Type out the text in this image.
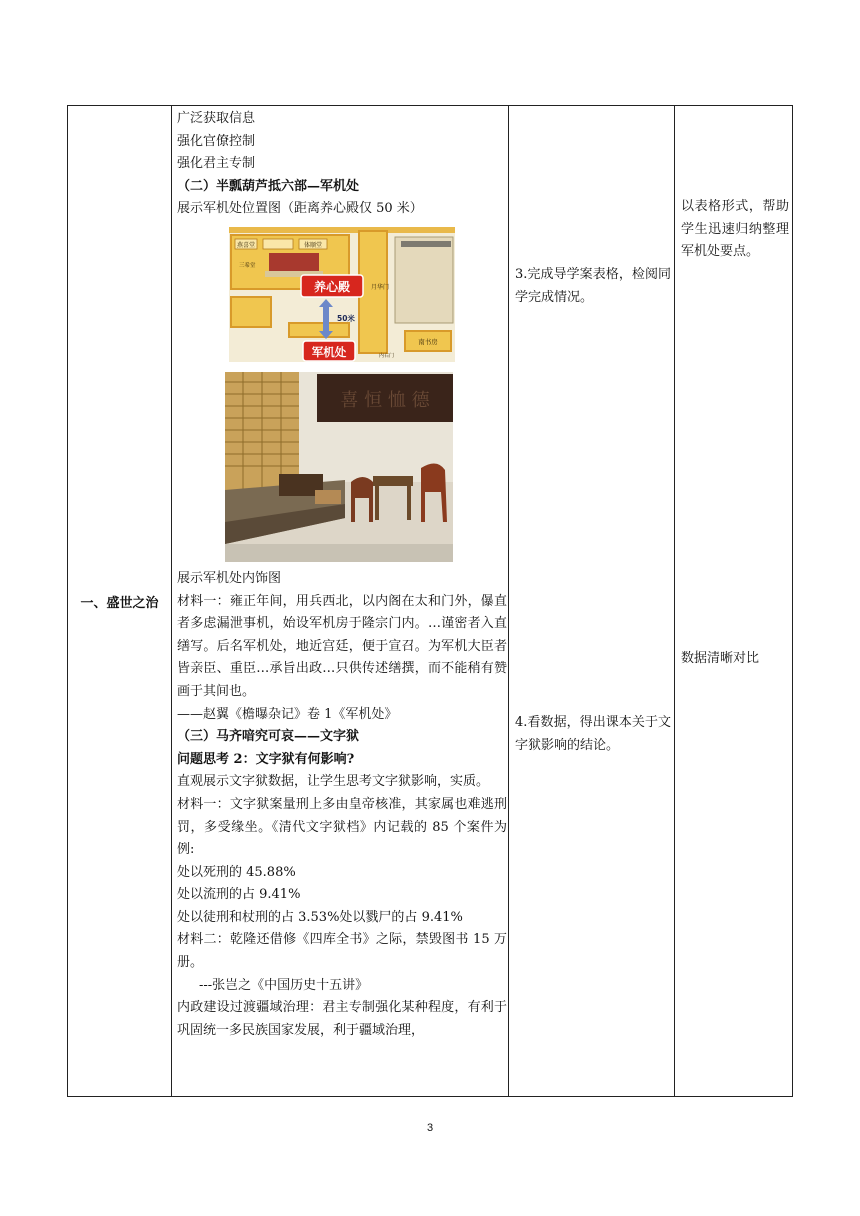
一、盛世之治

广泛获取信息

强化官僚控制

强化君主专制

（二）半瓢葫芦抵六部—军机处

展示军机处位置图（距离养心殿仅 50 米）

燕喜堂	体顺堂
三希堂
月华门
南书房
内右门
养心殿
50米
军机处
喜 恒 恤 德

展示军机处内饰图

材料一：雍正年间，用兵西北，以内阁在太和门外，儤直者多虑漏泄事机，始设军机房于隆宗门内。…谨密者入直缮写。后名军机处，地近宫廷，便于宣召。为军机大臣者皆亲臣、重臣…承旨出政…只供传述缮撰，而不能稍有赞画于其间也。

——赵翼《檐曝杂记》卷 1《军机处》

（三）马齐喑究可哀——文字狱

问题思考 2：文字狱有何影响?

直观展示文字狱数据，让学生思考文字狱影响，实质。

材料一：文字狱案量刑上多由皇帝核准，其家属也难逃刑罚，多受缘坐。《清代文字狱档》内记载的 85 个案件为例:

处以死刑的 45.88%

处以流刑的占 9.41%

处以徒刑和杖刑的占 3.53%处以戮尸的占 9.41%

材料二：乾隆还借修《四库全书》之际，禁毁图书 15 万册。

---张岂之《中国历史十五讲》

内政建设过渡疆域治理：君主专制强化某种程度，有利于巩固统一多民族国家发展，利于疆域治理，

3.完成导学案表格，检阅同学完成情况。
4.看数据，得出课本关于文字狱影响的结论。
以表格形式，帮助学生迅速归纳整理军机处要点。
数据清晰对比
3
